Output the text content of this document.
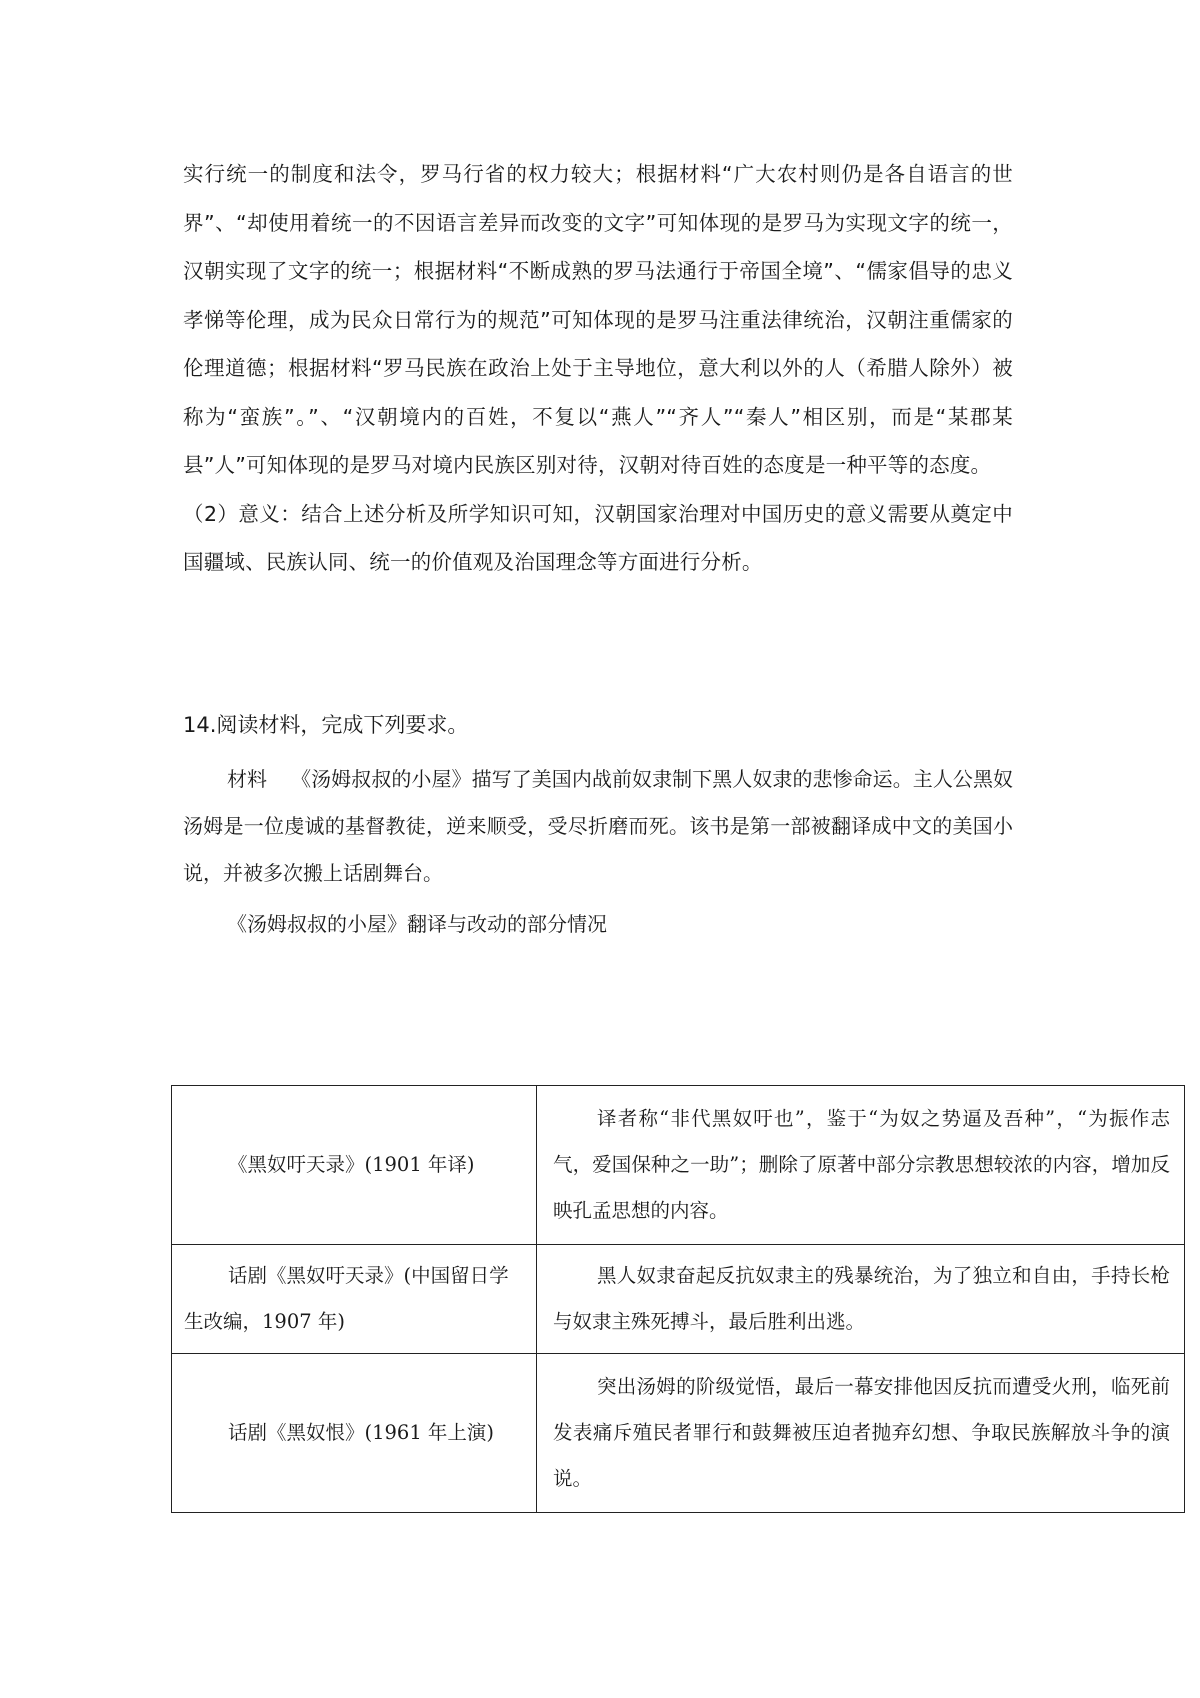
实行统一的制度和法令，罗马行省的权力较大；根据材料“广大农村则仍是各自语言的世界”、“却使用着统一的不因语言差异而改变的文字”可知体现的是罗马为实现文字的统一，汉朝实现了文字的统一；根据材料“不断成熟的罗马法通行于帝国全境”、“儒家倡导的忠义孝悌等伦理，成为民众日常行为的规范”可知体现的是罗马注重法律统治，汉朝注重儒家的伦理道德；根据材料“罗马民族在政治上处于主导地位，意大利以外的人（希腊人除外）被称为“蛮族”。”、“汉朝境内的百姓，不复以“燕人”“齐人”“秦人”相区别，而是“某郡某县”人”可知体现的是罗马对境内民族区别对待，汉朝对待百姓的态度是一种平等的态度。

（2）意义：结合上述分析及所学知识可知，汉朝国家治理对中国历史的意义需要从奠定中国疆域、民族认同、统一的价值观及治国理念等方面进行分析。

14.阅读材料，完成下列要求。

材料 《汤姆叔叔的小屋》描写了美国内战前奴隶制下黑人奴隶的悲惨命运。主人公黑奴汤姆是一位虔诚的基督教徒，逆来顺受，受尽折磨而死。该书是第一部被翻译成中文的美国小说，并被多次搬上话剧舞台。

《汤姆叔叔的小屋》翻译与改动的部分情况
《黑奴吁天录》(1901 年译)	译者称“非代黑奴吁也”，鉴于“为奴之势逼及吾种”，“为振作志气，爱国保种之一助”；删除了原著中部分宗教思想较浓的内容，增加反映孔孟思想的内容。

话剧《黑奴吁天录》(中国留日学生改编，1907 年)	黑人奴隶奋起反抗奴隶主的残暴统治，为了独立和自由，手持长枪与奴隶主殊死搏斗，最后胜利出逃。

话剧《黑奴恨》(1961 年上演)	突出汤姆的阶级觉悟，最后一幕安排他因反抗而遭受火刑，临死前发表痛斥殖民者罪行和鼓舞被压迫者抛弃幻想、争取民族解放斗争的演说。
